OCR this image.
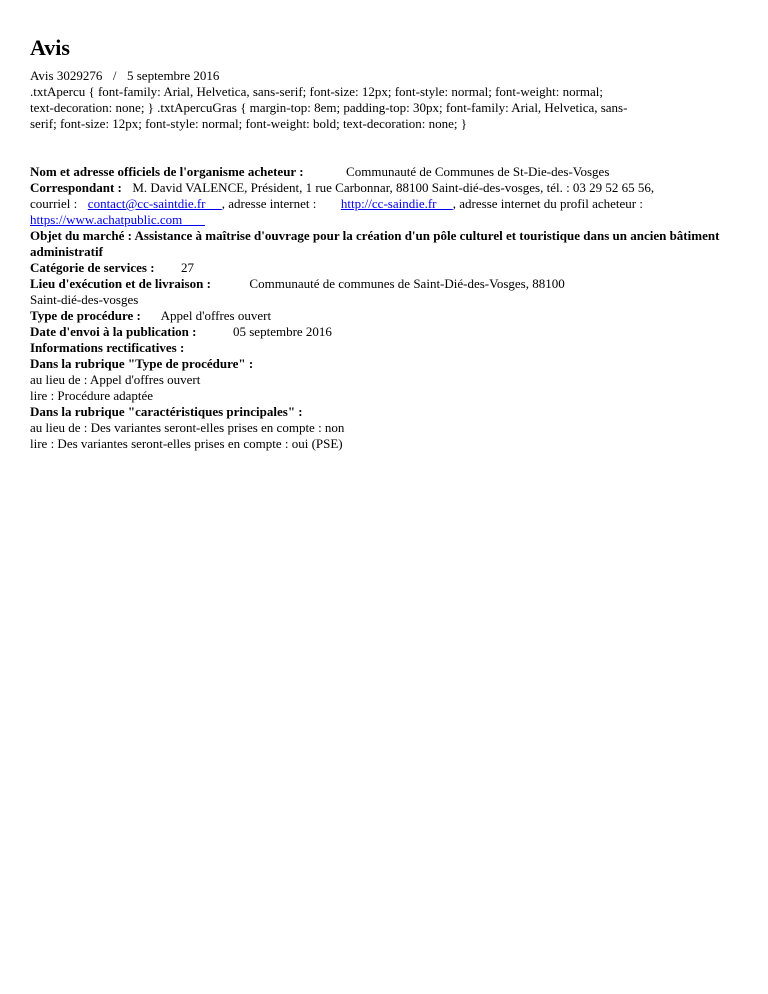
Avis
Avis 3029276 / 5 septembre 2016
.txtApercu { font-family: Arial, Helvetica, sans-serif; font-size: 12px; font-style: normal; font-weight: normal; text-decoration: none; } .txtApercuGras { margin-top: 8em; padding-top: 30px; font-family: Arial, Helvetica, sans-serif; font-size: 12px; font-style: normal; font-weight: bold; text-decoration: none; }
Nom et adresse officiels de l'organisme acheteur :	Communauté de Communes de St-Die-des-Vosges
Correspondant : M. David VALENCE, Président, 1 rue Carbonnar, 88100 Saint-dié-des-vosges, tél. : 03 29 52 65 56,
courriel : contact@cc-saintdie.fr , adresse internet : http://cc-saindie.fr , adresse internet du profil acheteur :
https://www.achatpublic.com
Objet du marché : Assistance à maîtrise d'ouvrage pour la création d'un pôle culturel et touristique dans un ancien bâtiment administratif
Catégorie de services : 27
Lieu d'exécution et de livraison :	Communauté de communes de Saint-Dié-des-Vosges, 88100
Saint-dié-des-vosges
Type de procédure : Appel d'offres ouvert
Date d'envoi à la publication :	05 septembre 2016
Informations rectificatives :
Dans la rubrique "Type de procédure" :
au lieu de : Appel d'offres ouvert
lire : Procédure adaptée
Dans la rubrique "caractéristiques principales" :
au lieu de : Des variantes seront-elles prises en compte : non
lire : Des variantes seront-elles prises en compte : oui (PSE)
